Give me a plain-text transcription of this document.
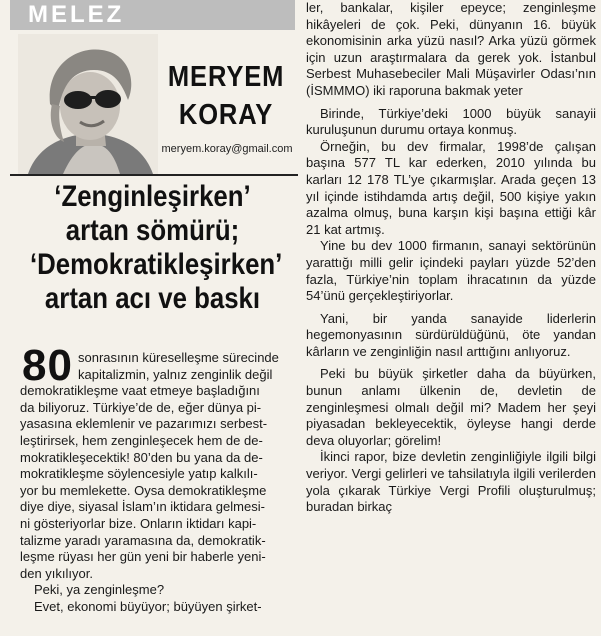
MELEZ
MERYEM
KORAY
meryem.koray@gmail.com
‘Zenginleşirken’
artan sömürü;
‘Demokratikleşirken’
artan acı ve baskı
80 sonrasının küreselleşme sürecinde

kapitalizmin, yalnız zenginlik değil

demokratikleşme vaat etmeye başladığını

da biliyoruz. Türkiye’de de, eğer dünya pi-

yasasına eklemlenir ve pazarımızı serbest-

leştirirsek, hem zenginleşecek hem de de-

mokratikleşecektik! 80’den bu yana da de-

mokratikleşme söylencesiyle yatıp kalkılı-

yor bu memlekette. Oysa demokratikleşme

diye diye, siyasal İslam’ın iktidara gelmesi-

ni gösteriyorlar bize. Onların iktidarı kapi-

talizme yaradı yaramasına da, demokratik-

leşme rüyası her gün yeni bir haberle yeni-

den yıkılıyor.

Peki, ya zenginleşme?

Evet, ekonomi büyüyor; büyüyen şirket-

ler, bankalar, kişiler epeyce; zenginleşme hikâyeleri de çok. Peki, dünyanın 16. büyük ekonomisinin arka yüzü nasıl? Arka yüzü görmek için uzun araştırmalara da gerek yok. İstanbul Serbest Muhasebeciler Mali Müşavirler Odası’nın (İSMMMO) iki raporuna bakmak yeter

Birinde, Türkiye’deki 1000 büyük sanayii kuruluşunun durumu ortaya konmuş.

Örneğin, bu dev firmalar, 1998’de çalışan başına 577 TL kar ederken, 2010 yılında bu karları 12 178 TL’ye çıkarmışlar. Arada geçen 13 yıl içinde istihdamda artış değil, 500 kişiye yakın azalma olmuş, buna karşın kişi başına ettiği kâr 21 kat artmış.

Yine bu dev 1000 firmanın, sanayi sektörünün yarattığı milli gelir içindeki payları yüzde 52’den fazla, Türkiye’nin toplam ihracatının da yüzde 54’ünü gerçekleştiriyorlar.

Yani, bir yanda sanayide liderlerin hegemonyasının sürdürüldüğünü, öte yandan kârların ve zenginliğin nasıl arttığını anlıyoruz.

Peki bu büyük şirketler daha da büyürken, bunun anlamı ülkenin de, devletin de zenginleşmesi olmalı değil mi? Madem her şeyi piyasadan bekleyecektik, öyleyse hangi derde deva oluyorlar; görelim!

İkinci rapor, bize devletin zenginliğiyle ilgili bilgi veriyor. Vergi gelirleri ve tahsilatıyla ilgili verilerden yola çıkarak Türkiye Vergi Profili oluşturulmuş; buradan birkaç
